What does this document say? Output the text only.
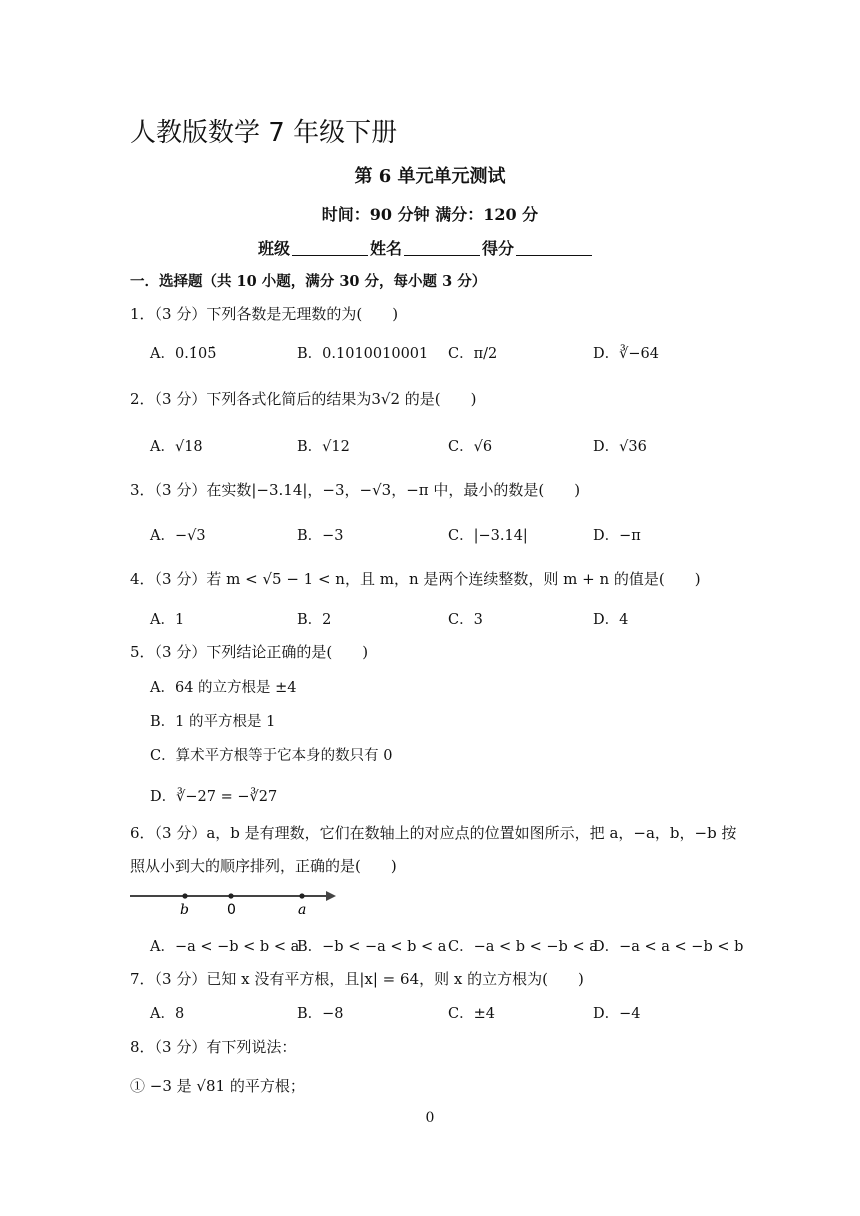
人教版数学 7 年级下册
第 6 单元单元测试
时间：90 分钟 满分：120 分
班级	姓名	得分
一．选择题（共 10 小题，满分 30 分，每小题 3 分）
1．（3 分）下列各数是无理数的为(　　)
A．0.1̇05̇	B．0.1010010001 C．π/2	D．∛−64
2．（3 分）下列各式化简后的结果为3√2 的是(　　)
A．√18	B．√12	C．√6	D．√36
3．（3 分）在实数|−3.14|，−3，−√3，−π 中，最小的数是(　　)
A．−√3	B．−3	C．|−3.14|	D．−π
4．（3 分）若 m < √5 − 1 < n，且 m，n 是两个连续整数，则 m + n 的值是(　　)
A．1	B．2	C．3	D．4
5．（3 分）下列结论正确的是(　　)
A．64 的立方根是 ±4
B．1 的平方根是 1
C．算术平方根等于它本身的数只有 0
D．∛−27 = −∛27
6．（3 分）a，b 是有理数，它们在数轴上的对应点的位置如图所示，把 a，−a，b，−b 按
照从小到大的顺序排列，正确的是(　　)
b	0	a
A．−a < −b < b < a
B．−b < −a < b < a C．−a < b < −b < a
D．−a < a < −b < b
7．（3 分）已知 x 没有平方根，且|x| = 64，则 x 的立方根为(　　)
A．8	B．−8	C．±4	D．−4
8．（3 分）有下列说法：
① −3 是 √81 的平方根；
0
